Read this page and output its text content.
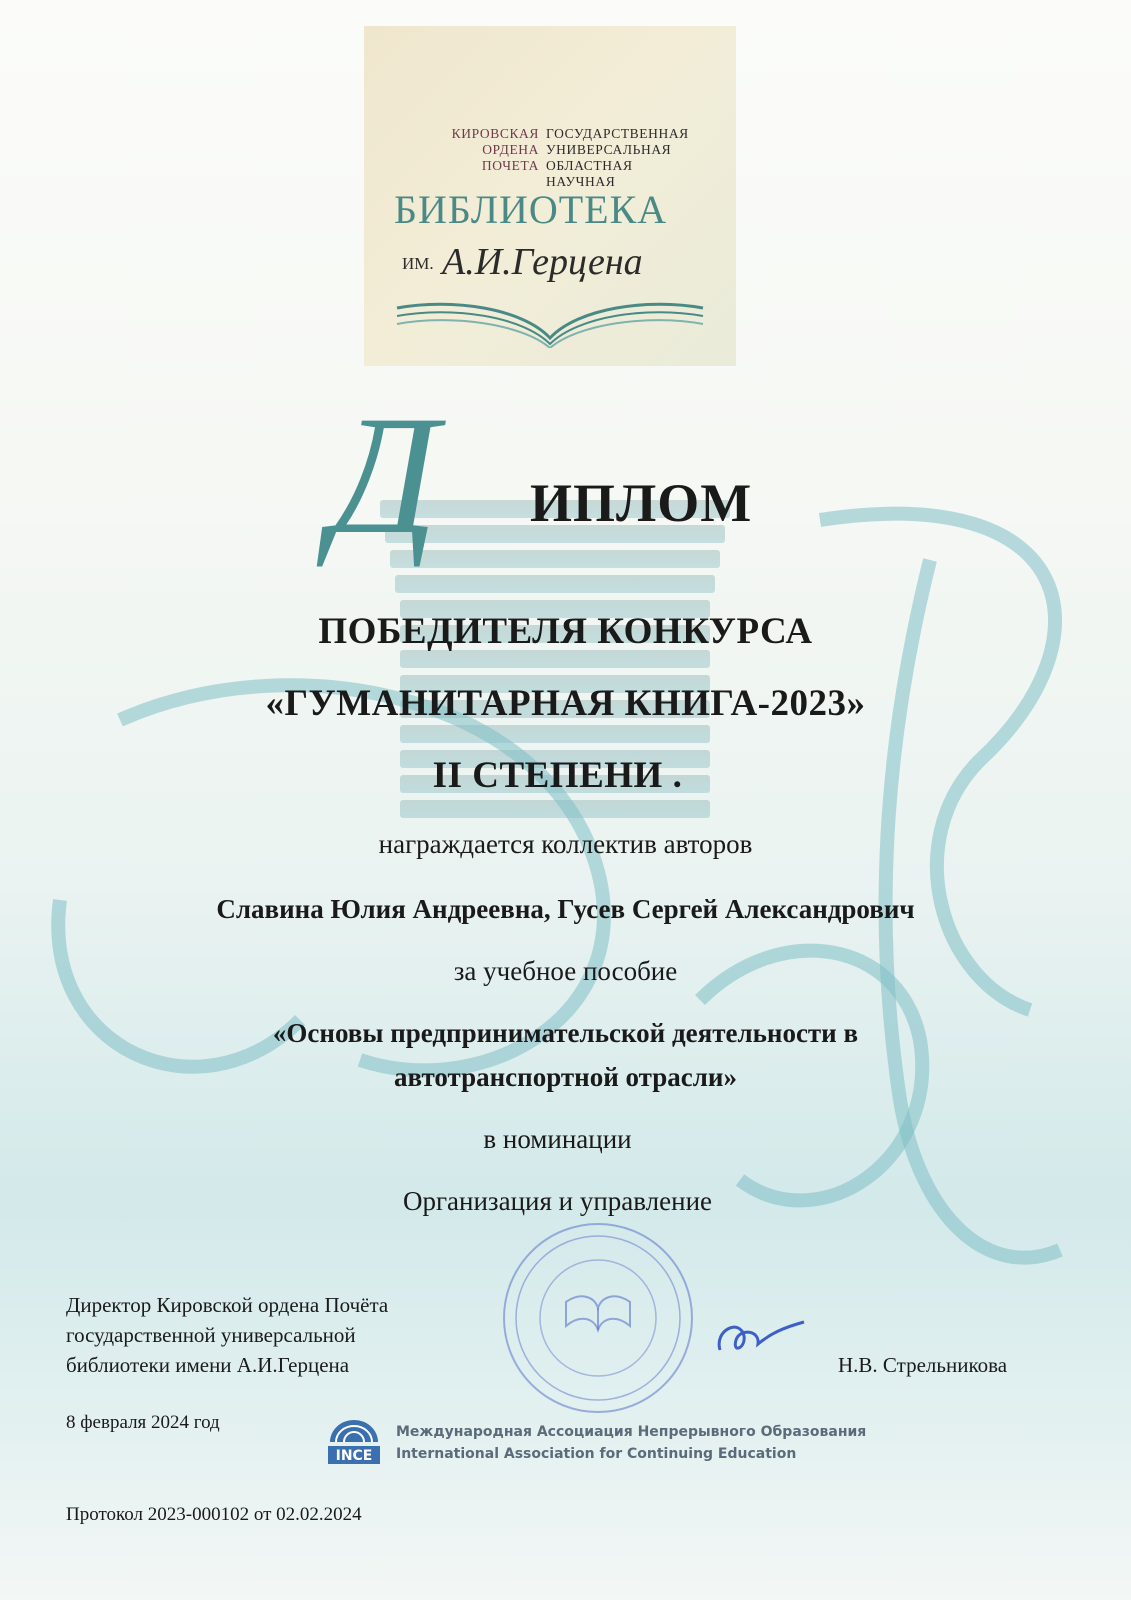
КИРОВСКАЯ
ОРДЕНА ПОЧЕТА
ГОСУДАРСТВЕННАЯ
УНИВЕРСАЛЬНАЯ
ОБЛАСТНАЯ
НАУЧНАЯ
БИБЛИОТЕКА
ИМ. А.И.Герцена
Д ИПЛОМ
ПОБЕДИТЕЛЯ КОНКУРСА
«ГУМАНИТАРНАЯ КНИГА-2023»
II СТЕПЕНИ .
награждается коллектив авторов
Славина Юлия Андреевна, Гусев Сергей Александрович
за учебное пособие
«Основы предпринимательской деятельности в
автотранспортной отрасли»
в номинации
Организация и управление
Директор Кировской ордена Почёта
государственной универсальной
библиотеки имени А.И.Герцена	Н.В. Стрельникова
8 февраля 2024 год
INCE
Международная Ассоциация Непрерывного Образования
International Association for Continuing Education
Протокол 2023-000102 от 02.02.2024
